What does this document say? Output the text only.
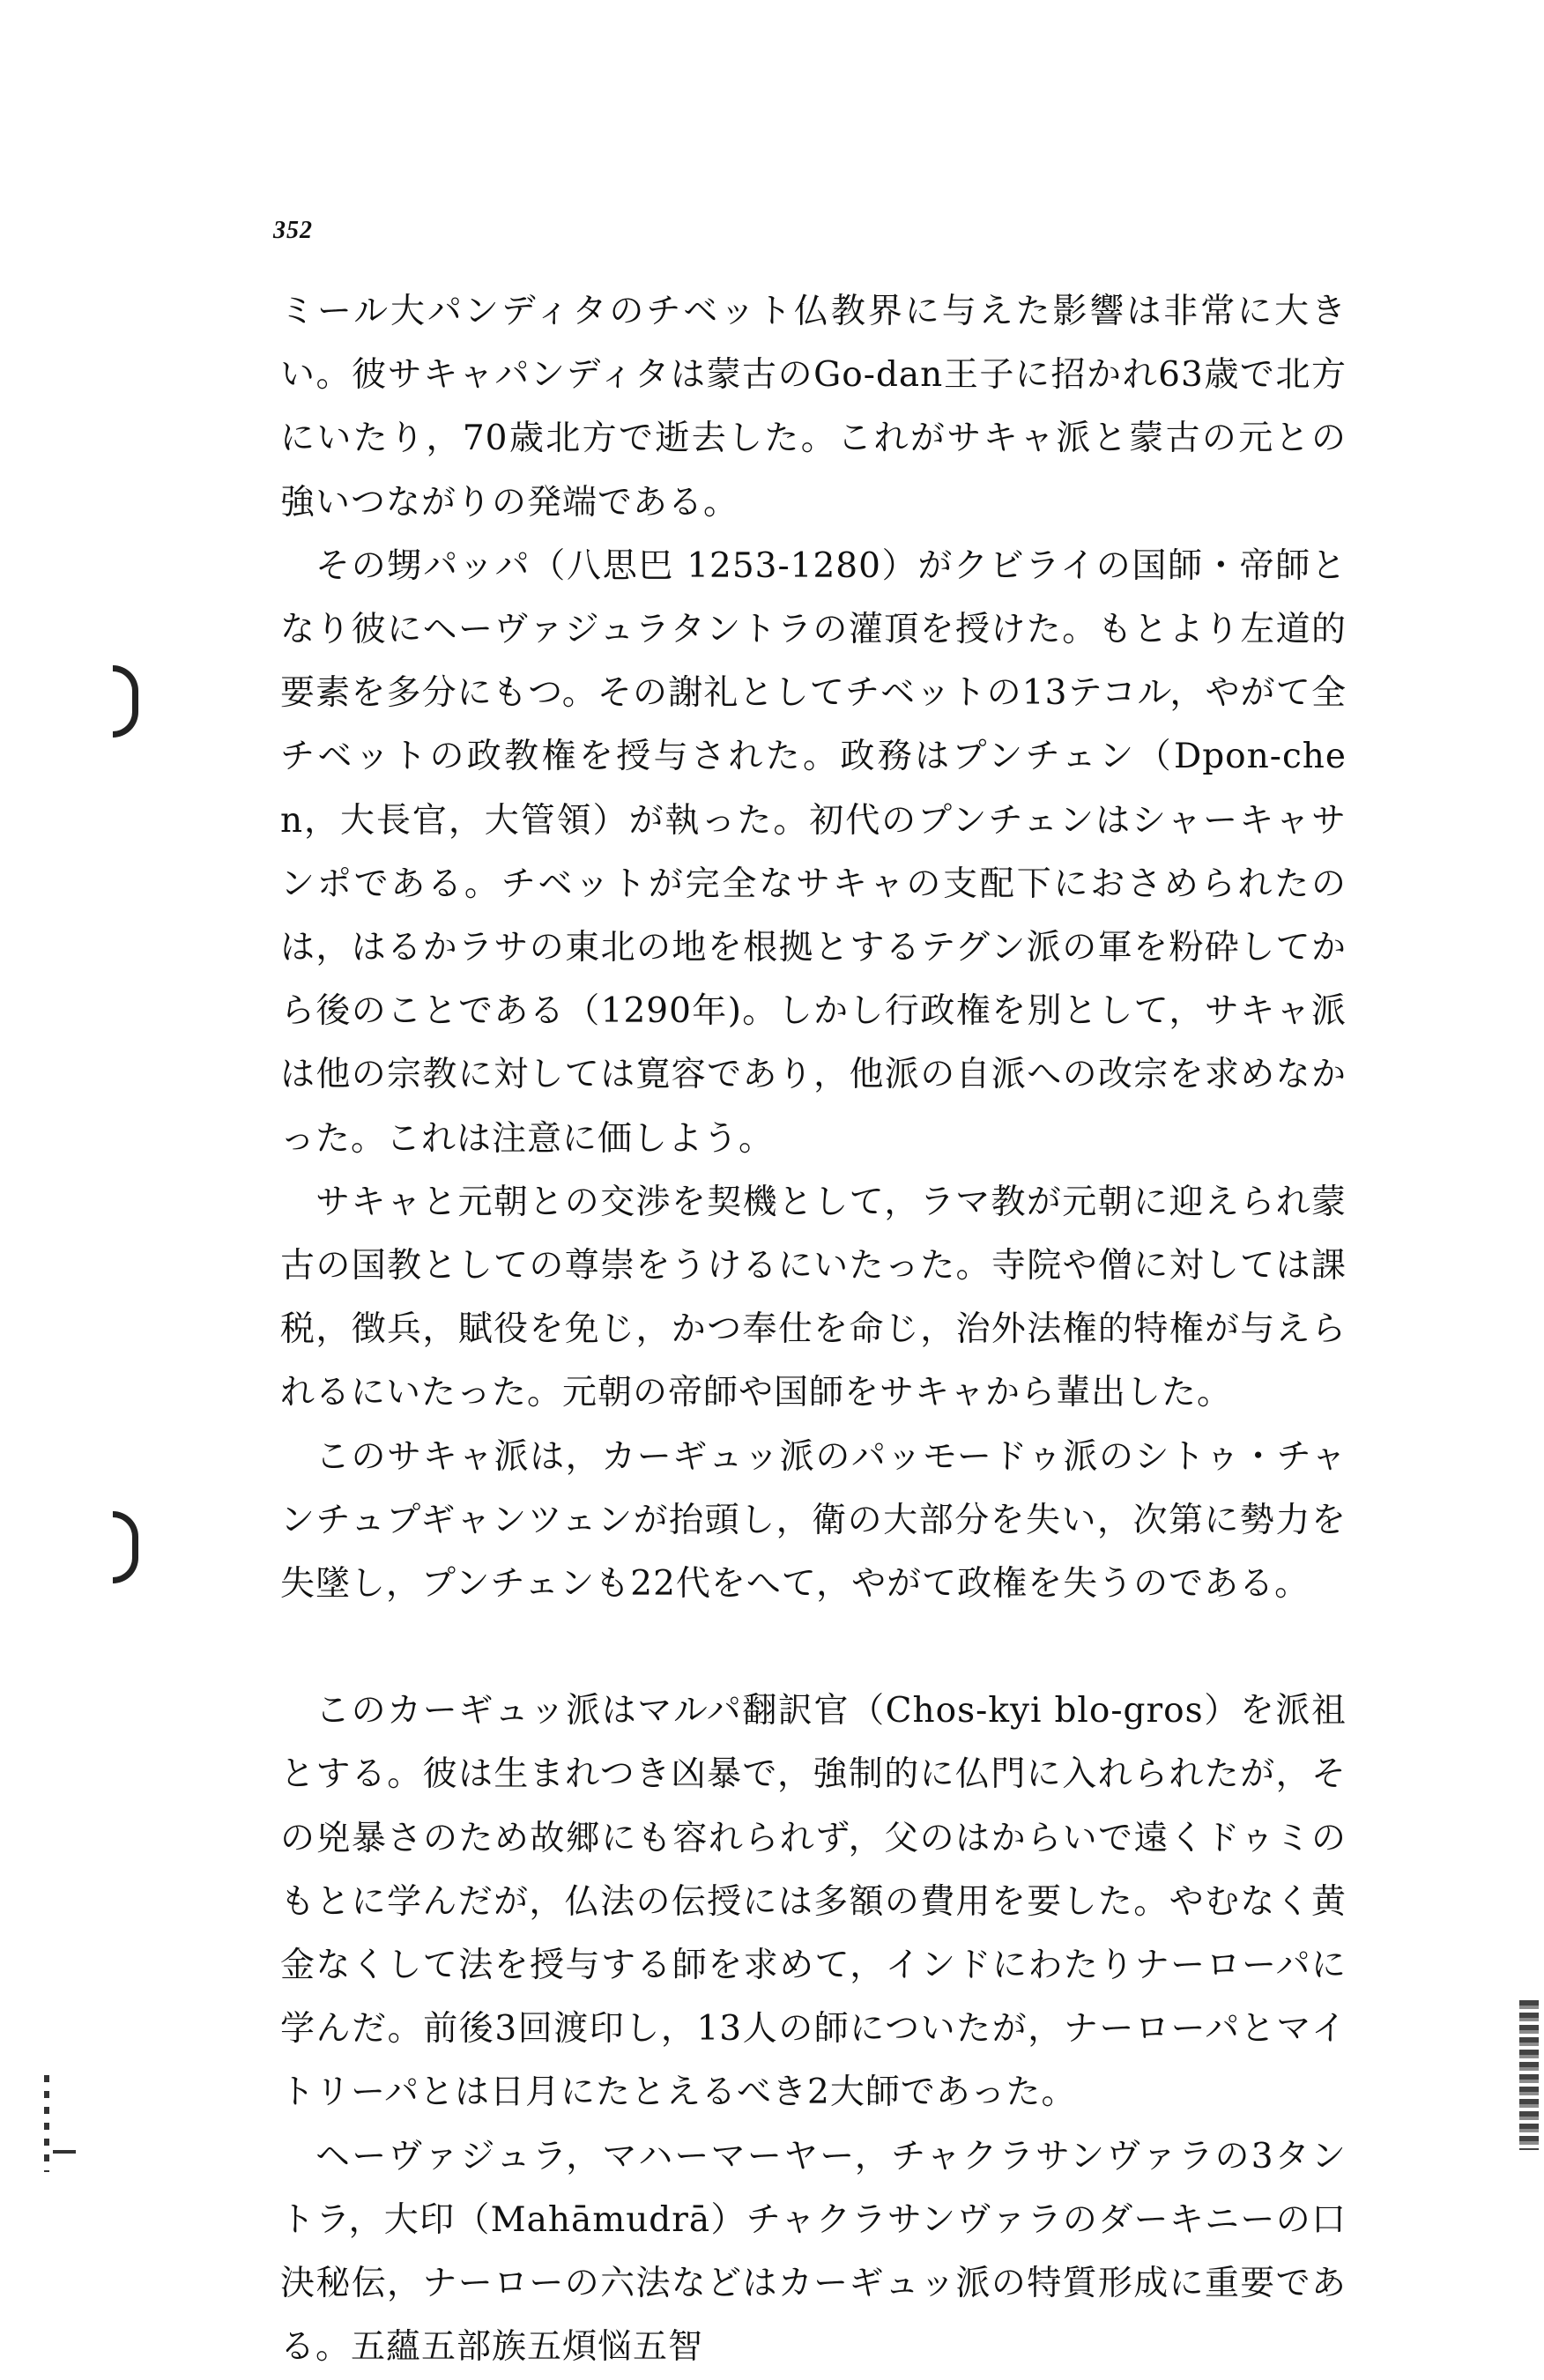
352

ミール大パンディタのチベット仏教界に与えた影響は非常に大きい。彼サキャパンディタは蒙古のGo-dan王子に招かれ63歳で北方にいたり，70歳北方で逝去した。これがサキャ派と蒙古の元との強いつながりの発端である。

その甥パッパ（八思巴 1253-1280）がクビライの国師・帝師となり彼にヘーヴァジュラタントラの灌頂を授けた。もとより左道的要素を多分にもつ。その謝礼としてチベットの13テコル，やがて全チベットの政教権を授与された。政務はプンチェン（Dpon-chen，大長官，大管領）が執った。初代のプンチェンはシャーキャサンポである。チベットが完全なサキャの支配下におさめられたのは，はるかラサの東北の地を根拠とするテグン派の軍を粉砕してから後のことである（1290年)。しかし行政権を別として，サキャ派は他の宗教に対しては寛容であり，他派の自派への改宗を求めなかった。これは注意に価しよう。

サキャと元朝との交渉を契機として，ラマ教が元朝に迎えられ蒙古の国教としての尊崇をうけるにいたった。寺院や僧に対しては課税，徴兵，賦役を免じ，かつ奉仕を命じ，治外法権的特権が与えられるにいたった。元朝の帝師や国師をサキャから輩出した。

このサキャ派は，カーギュッ派のパッモードゥ派のシトゥ・チャンチュプギャンツェンが抬頭し，衛の大部分を失い，次第に勢力を失墜し，プンチェンも22代をへて，やがて政権を失うのである。

このカーギュッ派はマルパ翻訳官（Chos-kyi blo-gros）を派祖とする。彼は生まれつき凶暴で，強制的に仏門に入れられたが，その兇暴さのため故郷にも容れられず，父のはからいで遠くドゥミのもとに学んだが，仏法の伝授には多額の費用を要した。やむなく黄金なくして法を授与する師を求めて，インドにわたりナーローパに学んだ。前後3回渡印し，13人の師についたが，ナーローパとマイトリーパとは日月にたとえるべき2大師であった。

ヘーヴァジュラ，マハーマーヤー，チャクラサンヴァラの3タントラ，大印（Mahāmudrā）チャクラサンヴァラのダーキニーの口決秘伝，ナーローの六法などはカーギュッ派の特質形成に重要である。五蘊五部族五煩悩五智
